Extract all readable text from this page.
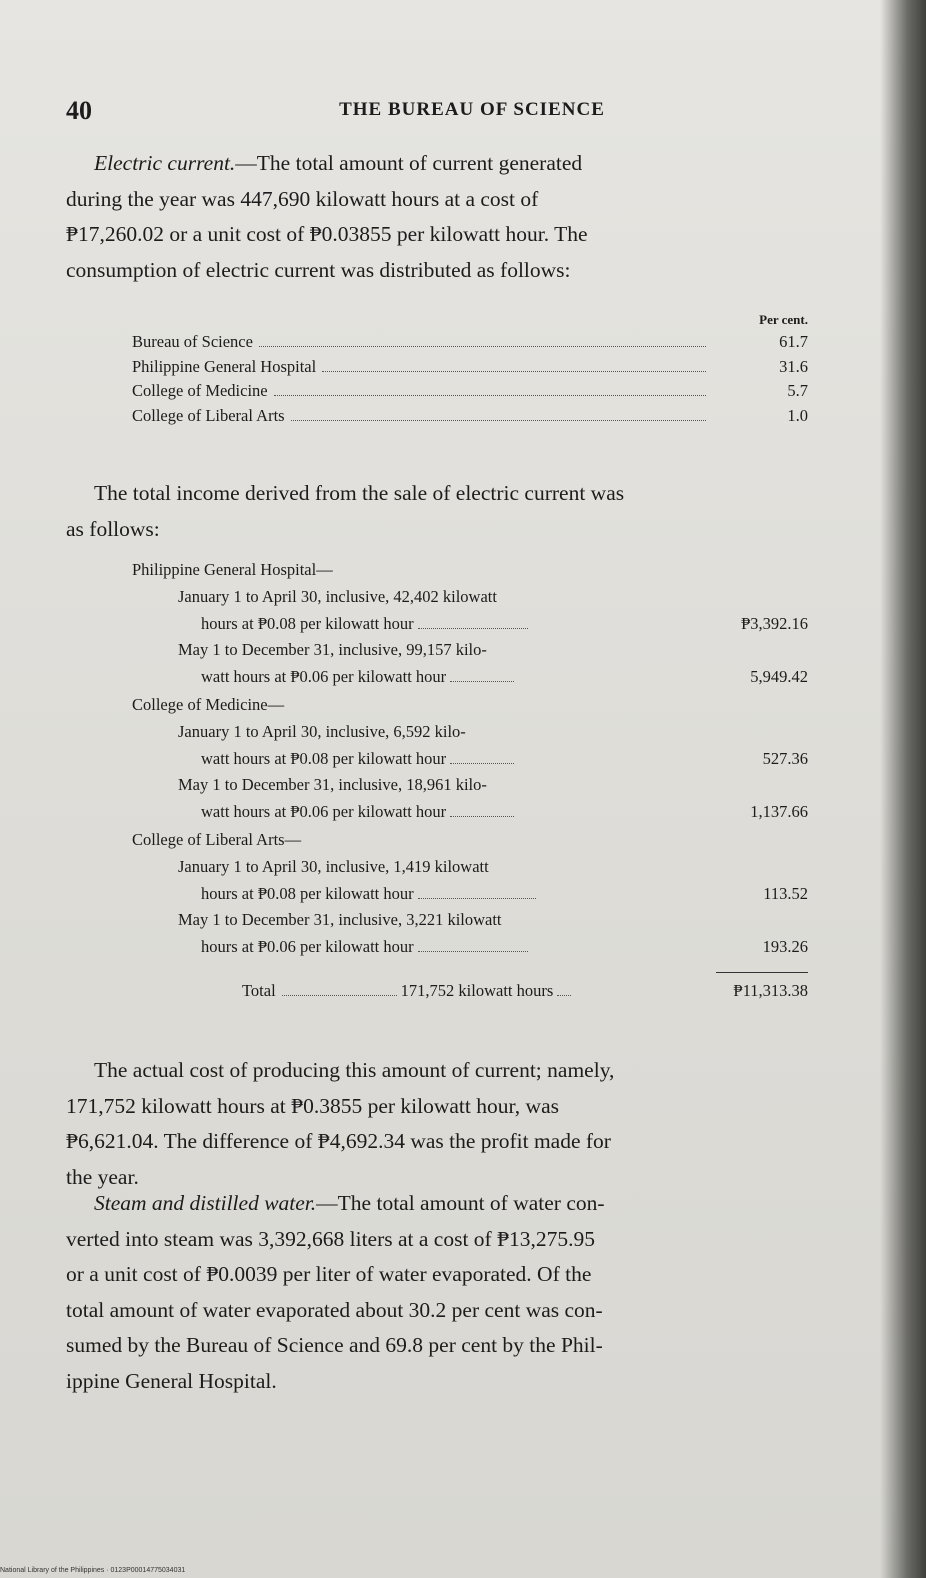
40	THE BUREAU OF SCIENCE
Electric current.—The total amount of current generated
during the year was 447,690 kilowatt hours at a cost of
₱17,260.02 or a unit cost of ₱0.03855 per kilowatt hour. The
consumption of electric current was distributed as follows:
Per cent.
Bureau of Science	61.7
Philippine General Hospital	31.6
College of Medicine	5.7
College of Liberal Arts	1.0
The total income derived from the sale of electric current was
as follows:
Philippine General Hospital—
January 1 to April 30, inclusive, 42,402 kilowatt
hours at ₱0.08 per kilowatt hour	₱3,392.16
May 1 to December 31, inclusive, 99,157 kilo-
watt hours at ₱0.06 per kilowatt hour	5,949.42
College of Medicine—
January 1 to April 30, inclusive, 6,592 kilo-
watt hours at ₱0.08 per kilowatt hour	527.36
May 1 to December 31, inclusive, 18,961 kilo-
watt hours at ₱0.06 per kilowatt hour	1,137.66
College of Liberal Arts—
January 1 to April 30, inclusive, 1,419 kilowatt
hours at ₱0.08 per kilowatt hour	113.52
May 1 to December 31, inclusive, 3,221 kilowatt
hours at ₱0.06 per kilowatt hour	193.26
Total	171,752 kilowatt hours	₱11,313.38
The actual cost of producing this amount of current; namely,
171,752 kilowatt hours at ₱0.3855 per kilowatt hour, was
₱6,621.04. The difference of ₱4,692.34 was the profit made for
the year.
Steam and distilled water.—The total amount of water con-
verted into steam was 3,392,668 liters at a cost of ₱13,275.95
or a unit cost of ₱0.0039 per liter of water evaporated. Of the
total amount of water evaporated about 30.2 per cent was con-
sumed by the Bureau of Science and 69.8 per cent by the Phil-
ippine General Hospital.
National Library of the Philippines · 0123P00014775034031
